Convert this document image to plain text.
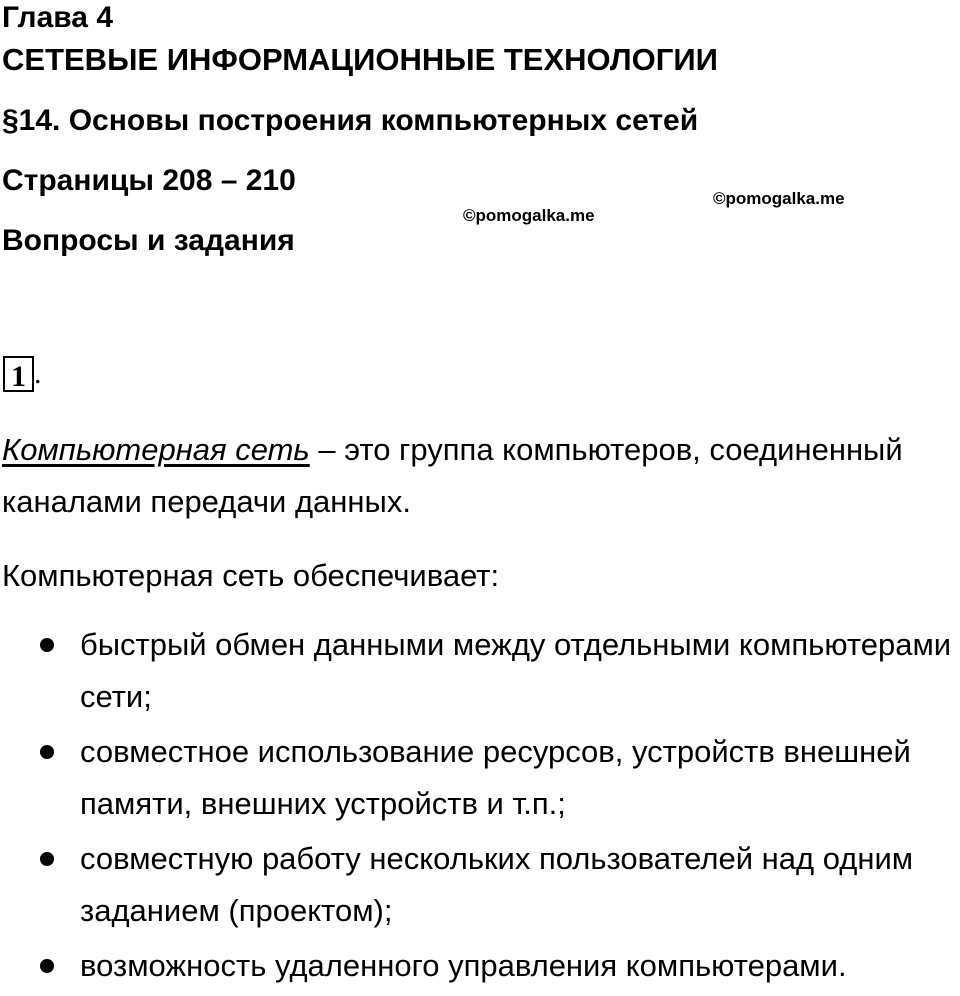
Глава 4
СЕТЕВЫЕ ИНФОРМАЦИОННЫЕ ТЕХНОЛОГИИ
§14. Основы построения компьютерных сетей
Страницы 208 – 210
Вопросы и задания
©pomogalka.me
©pomogalka.me
1 .
Компьютерная сеть – это группа компьютеров, соединенный каналами передачи данных.
Компьютерная сеть обеспечивает:
быстрый обмен данными между отдельными компьютерами сети;
совместное использование ресурсов, устройств внешней памяти, внешних устройств и т.п.;
совместную работу нескольких пользователей над одним заданием (проектом);
возможность удаленного управления компьютерами.
